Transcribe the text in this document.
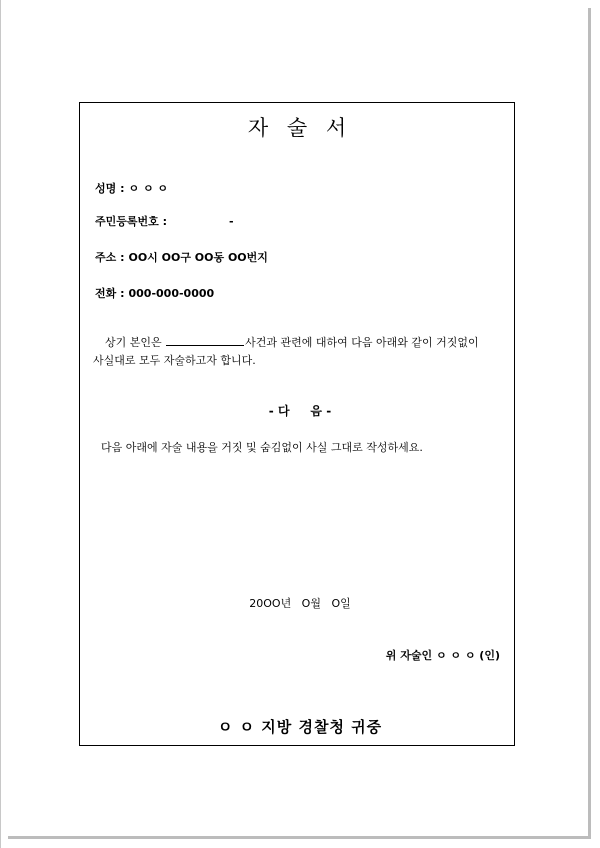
자 술 서
성명 : ㅇ ㅇ ㅇ
주민등록번호 :	-
주소 : OO시 OO구 OO동 OO번지
전화 : 000-000-0000
상기 본인은	사건과 관련에 대하여 다음 아래와 같이 거짓없이
사실대로 모두 자술하고자 합니다.
- 다     음 -
다음 아래에 자술 내용을 거짓 및 숨김없이 사실 그대로 작성하세요.
20OO년   O월   O일
위 자술인 ㅇ ㅇ ㅇ (인)
ㅇ ㅇ 지방 경찰청 귀중
